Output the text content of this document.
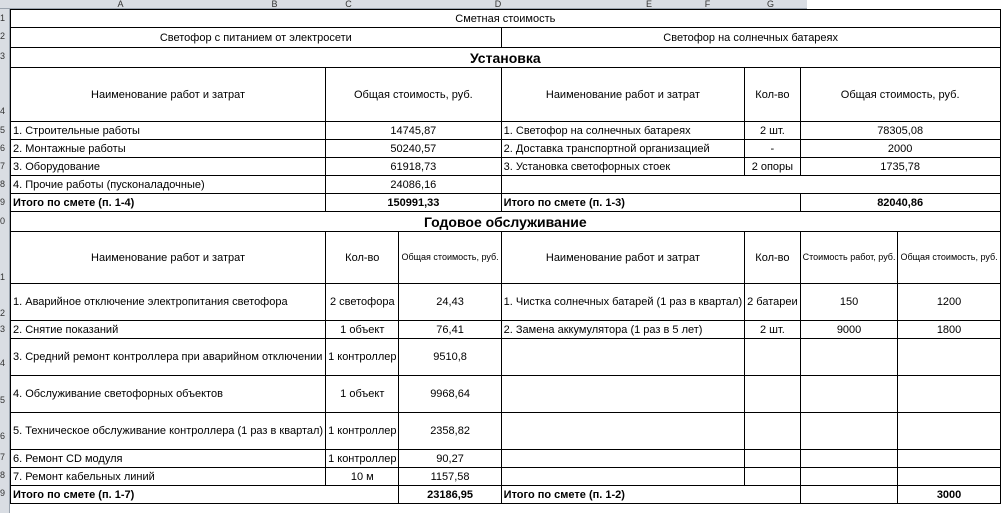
A	B	C	D	E	F	G
1
2
3
4
5
6
7
8
9
0
1
2
3
4
5
6
7
8
9
Сметная стоимость						
Светофор с питанием от электросети			Светофор на солнечных батареях			
Установка						
Наименование работ и затрат	Общая стоимость, руб.		Наименование работ и затрат	Кол-во	Общая стоимость, руб.	
1. Строительные работы	14745,87		1. Светофор на солнечных батареях	2 шт.	78305,08	
2. Монтажные работы	50240,57		2. Доставка транспортной организацией	-	2000	
3. Оборудование	61918,73		3. Установка светофорных стоек	2 опоры	1735,78	
4. Прочие работы (пусконаладочные)	24086,16					
Итого по смете (п. 1-4)	150991,33		Итого по смете (п. 1-3)		82040,86	
Годовое обслуживание						
Наименование работ и затрат	Кол-во	Общая стоимость, руб.	Наименование работ и затрат	Кол-во	Стоимость работ, руб.	Общая стоимость, руб.
1. Аварийное отключение электропитания светофора	2 светофора	24,43	1. Чистка солнечных батарей (1 раз в квартал)	2 батареи	150	1200
2. Снятие показаний	1 объект	76,41	2. Замена аккумулятора (1 раз в 5 лет)	2 шт.	9000	1800
3. Средний ремонт контроллера при аварийном отключении	1 контроллер	9510,8				
4. Обслуживание светофорных объектов	1 объект	9968,64				
5. Техническое обслуживание контроллера (1 раз в квартал)	1 контроллер	2358,82				
6. Ремонт CD модуля	1 контроллер	90,27				
7. Ремонт кабельных линий	10 м	1157,58				
Итого по смете (п. 1-7)		23186,95	Итого по смете (п. 1-2)			3000
